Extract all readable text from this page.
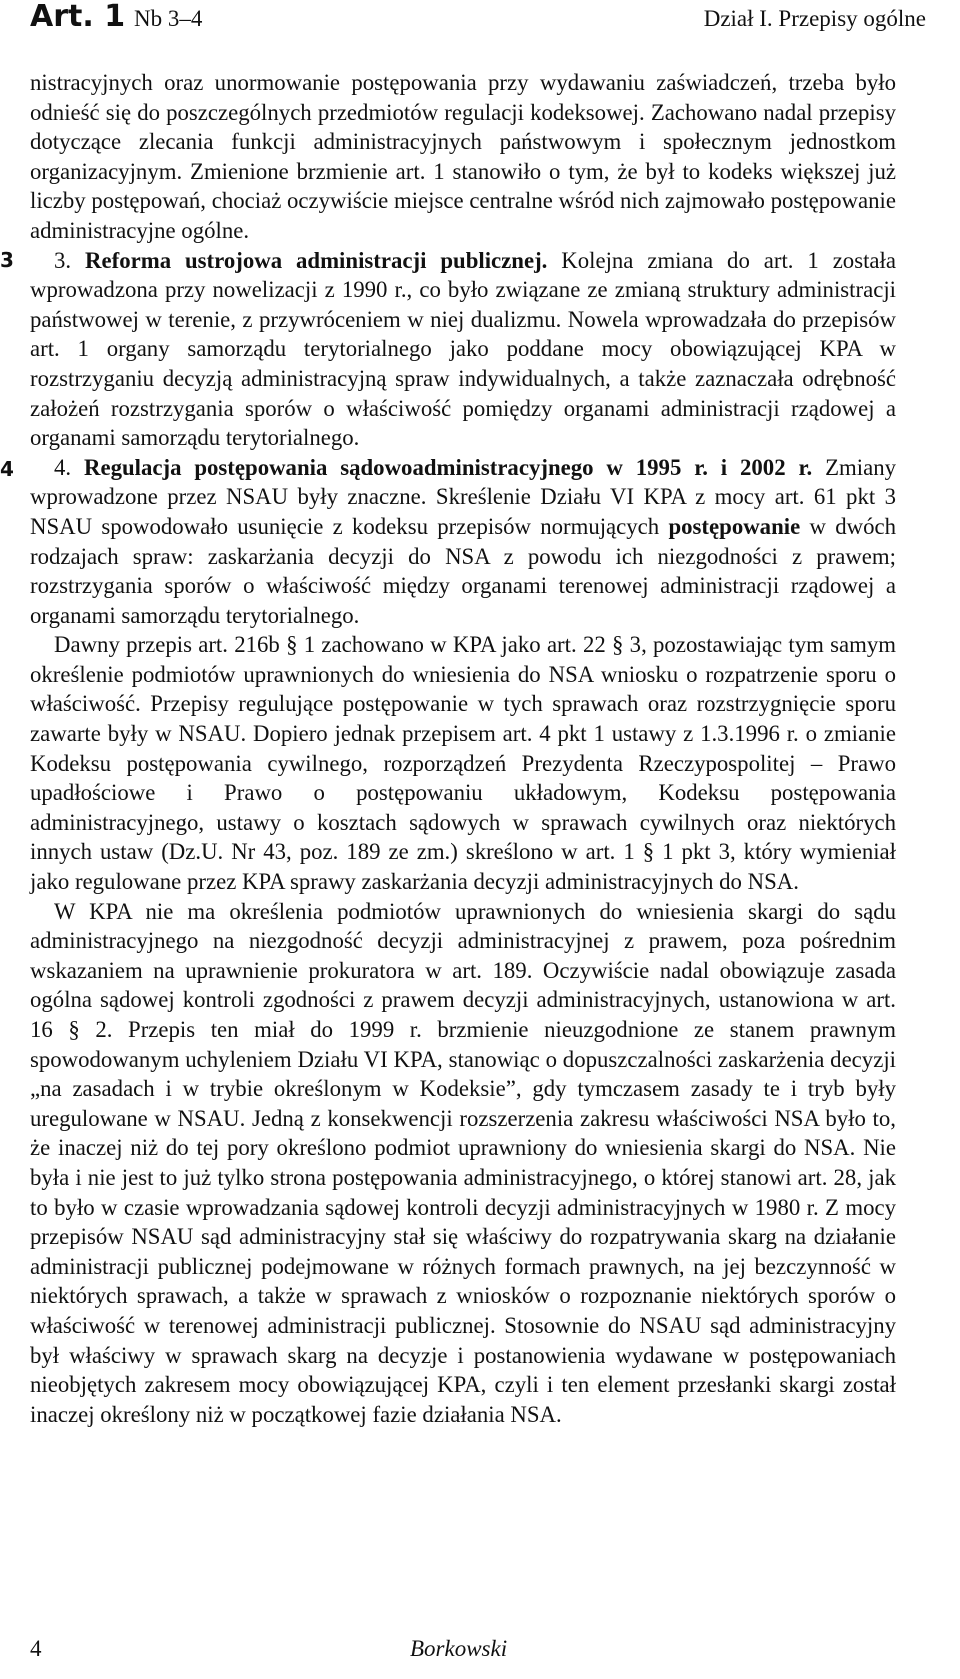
Art. 1 Nb 3–4	Dział I. Przepisy ogólne
3
4

nistracyjnych oraz unormowanie postępowania przy wydawaniu zaświadczeń, trzeba było odnieść się do poszczególnych przedmiotów regulacji kodeksowej. Zachowano nadal przepisy dotyczące zlecania funkcji administracyjnych państwowym i społecznym jednostkom organizacyjnym. Zmienione brzmienie art. 1 stanowiło o tym, że był to kodeks większej już liczby postępowań, chociaż oczywiście miejsce centralne wśród nich zajmowało postępowanie administracyjne ogólne.

3. Reforma ustrojowa administracji publicznej. Kolejna zmiana do art. 1 została wprowadzona przy nowelizacji z 1990 r., co było związane ze zmianą struktury administracji państwowej w terenie, z przywróceniem w niej dualizmu. Nowela wprowadzała do przepisów art. 1 organy samorządu terytorialnego jako poddane mocy obowiązującej KPA w rozstrzyganiu decyzją administracyjną spraw indywidualnych, a także zaznaczała odrębność założeń rozstrzygania sporów o właściwość pomiędzy organami administracji rządowej a organami samorządu terytorialnego.

4. Regulacja postępowania sądowoadministracyjnego w 1995 r. i 2002 r. Zmiany wprowadzone przez NSAU były znaczne. Skreślenie Działu VI KPA z mocy art. 61 pkt 3 NSAU spowodowało usunięcie z kodeksu przepisów normujących postępowanie w dwóch rodzajach spraw: zaskarżania decyzji do NSA z powodu ich niezgodności z prawem; rozstrzygania sporów o właściwość między organami terenowej administracji rządowej a organami samorządu terytorialnego.

Dawny przepis art. 216b § 1 zachowano w KPA jako art. 22 § 3, pozostawiając tym samym określenie podmiotów uprawnionych do wniesienia do NSA wniosku o rozpatrzenie sporu o właściwość. Przepisy regulujące postępowanie w tych sprawach oraz rozstrzygnięcie sporu zawarte były w NSAU. Dopiero jednak przepisem art. 4 pkt 1 ustawy z 1.3.1996 r. o zmianie Kodeksu postępowania cywilnego, rozporządzeń Prezydenta Rzeczypospolitej – Prawo upadłościowe i Prawo o postępowaniu układowym, Kodeksu postępowania administracyjnego, ustawy o kosztach sądowych w sprawach cywilnych oraz niektórych innych ustaw (Dz.U. Nr 43, poz. 189 ze zm.) skreślono w art. 1 § 1 pkt 3, który wymieniał jako regulowane przez KPA sprawy zaskarżania decyzji administracyjnych do NSA.

W KPA nie ma określenia podmiotów uprawnionych do wniesienia skargi do sądu administracyjnego na niezgodność decyzji administracyjnej z prawem, poza pośrednim wskazaniem na uprawnienie prokuratora w art. 189. Oczywiście nadal obowiązuje zasada ogólna sądowej kontroli zgodności z prawem decyzji administracyjnych, ustanowiona w art. 16 § 2. Przepis ten miał do 1999 r. brzmienie nieuzgodnione ze stanem prawnym spowodowanym uchyleniem Działu VI KPA, stanowiąc o dopuszczalności zaskarżenia decyzji „na zasadach i w trybie określonym w Kodeksie”, gdy tymczasem zasady te i tryb były uregulowane w NSAU. Jedną z konsekwencji rozszerzenia zakresu właściwości NSA było to, że inaczej niż do tej pory określono podmiot uprawniony do wniesienia skargi do NSA. Nie była i nie jest to już tylko strona postępowania administracyjnego, o której stanowi art. 28, jak to było w czasie wprowadzania sądowej kontroli decyzji administracyjnych w 1980 r. Z mocy przepisów NSAU sąd administracyjny stał się właściwy do rozpatrywania skarg na działanie administracji publicznej podejmowane w różnych formach prawnych, na jej bezczynność w niektórych sprawach, a także w sprawach z wniosków o rozpoznanie niektórych sporów o właściwość w terenowej administracji publicznej. Stosownie do NSAU sąd administracyjny był właściwy w sprawach skarg na decyzje i postanowienia wydawane w postępowaniach nieobjętych zakresem mocy obowiązującej KPA, czyli i ten element przesłanki skargi został inaczej określony niż w początkowej fazie działania NSA.

4	Borkowski
